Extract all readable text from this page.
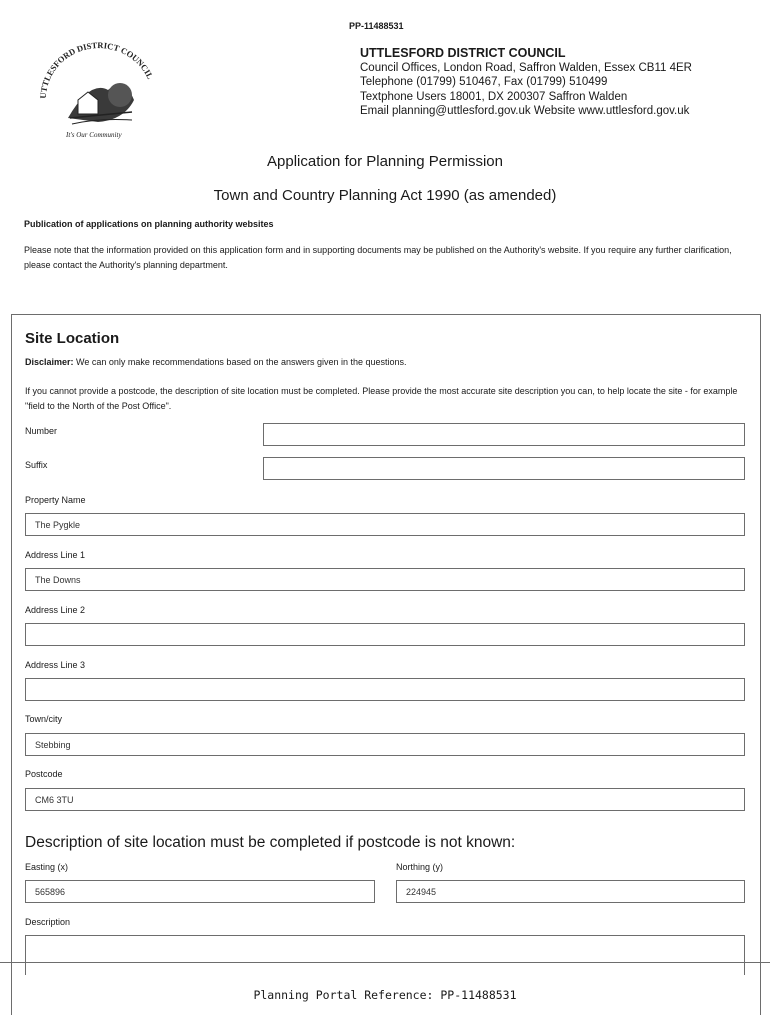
PP-11488531
UTTLESFORD DISTRICT COUNCIL
It's Our Community
UTTLESFORD DISTRICT COUNCIL
Council Offices, London Road, Saffron Walden, Essex CB11 4ER
Telephone (01799) 510467, Fax (01799) 510499
Textphone Users 18001, DX 200307 Saffron Walden
Email planning@uttlesford.gov.uk Website www.uttlesford.gov.uk
Application for Planning Permission
Town and Country Planning Act 1990 (as amended)
Publication of applications on planning authority websites
Please note that the information provided on this application form and in supporting documents may be published on the Authority's website. If you require any further clarification, please contact the Authority's planning department.
Site Location
Disclaimer: We can only make recommendations based on the answers given in the questions.
If you cannot provide a postcode, the description of site location must be completed. Please provide the most accurate site description you can, to help locate the site - for example "field to the North of the Post Office".
Number
Suffix
Property Name
The Pygkle
Address Line 1
The Downs
Address Line 2
Address Line 3
Town/city
Stebbing
Postcode
CM6 3TU
Description of site location must be completed if postcode is not known:
Easting (x)
565896
Northing (y)
224945
Description
Planning Portal Reference: PP-11488531
